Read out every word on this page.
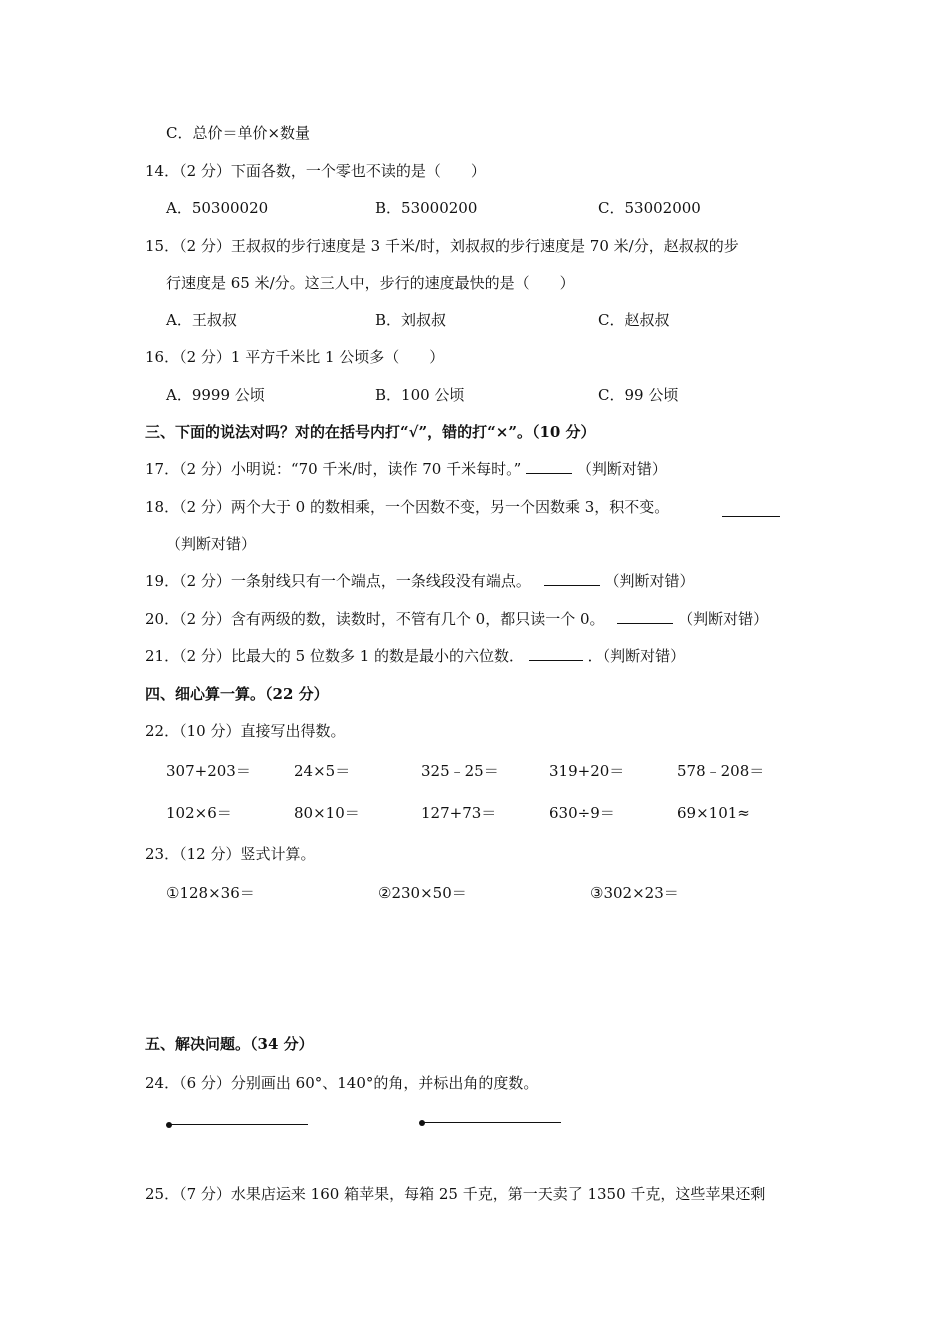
C．总价＝单价×数量
14．（2 分）下面各数，一个零也不读的是（　　）
A．50300020	B．53000200	C．53002000
15．（2 分）王叔叔的步行速度是 3 千米/时，刘叔叔的步行速度是 70 米/分，赵叔叔的步
行速度是 65 米/分。这三人中，步行的速度最快的是（　　）
A．王叔叔	B．刘叔叔	C．赵叔叔
16．（2 分）1 平方千米比 1 公顷多（　　）
A．9999 公顷	B．100 公顷	C．99 公顷
三、下面的说法对吗？对的在括号内打“√”，错的打“×”。（10 分）
17．（2 分）小明说：“70 千米/时，读作 70 千米每时。”	（判断对错）
18．（2 分）两个大于 0 的数相乘，一个因数不变，另一个因数乘 3，积不变。
（判断对错）
19．（2 分）一条射线只有一个端点，一条线段没有端点。	（判断对错）
20．（2 分）含有两级的数，读数时，不管有几个 0，都只读一个 0。	（判断对错）
21．（2 分）比最大的 5 位数多 1 的数是最小的六位数．	．（判断对错）
四、细心算一算。（22 分）
22．（10 分）直接写出得数。
307+203＝	24×5＝	325﹣25＝	319+20＝	578﹣208＝
102×6＝	80×10＝	127+73＝	630÷9＝	69×101≈
23．（12 分）竖式计算。
①128×36＝	②230×50＝	③302×23＝
五、解决问题。（34 分）
24．（6 分）分别画出 60°、140°的角，并标出角的度数。
25．（7 分）水果店运来 160 箱苹果，每箱 25 千克，第一天卖了 1350 千克，这些苹果还剩
